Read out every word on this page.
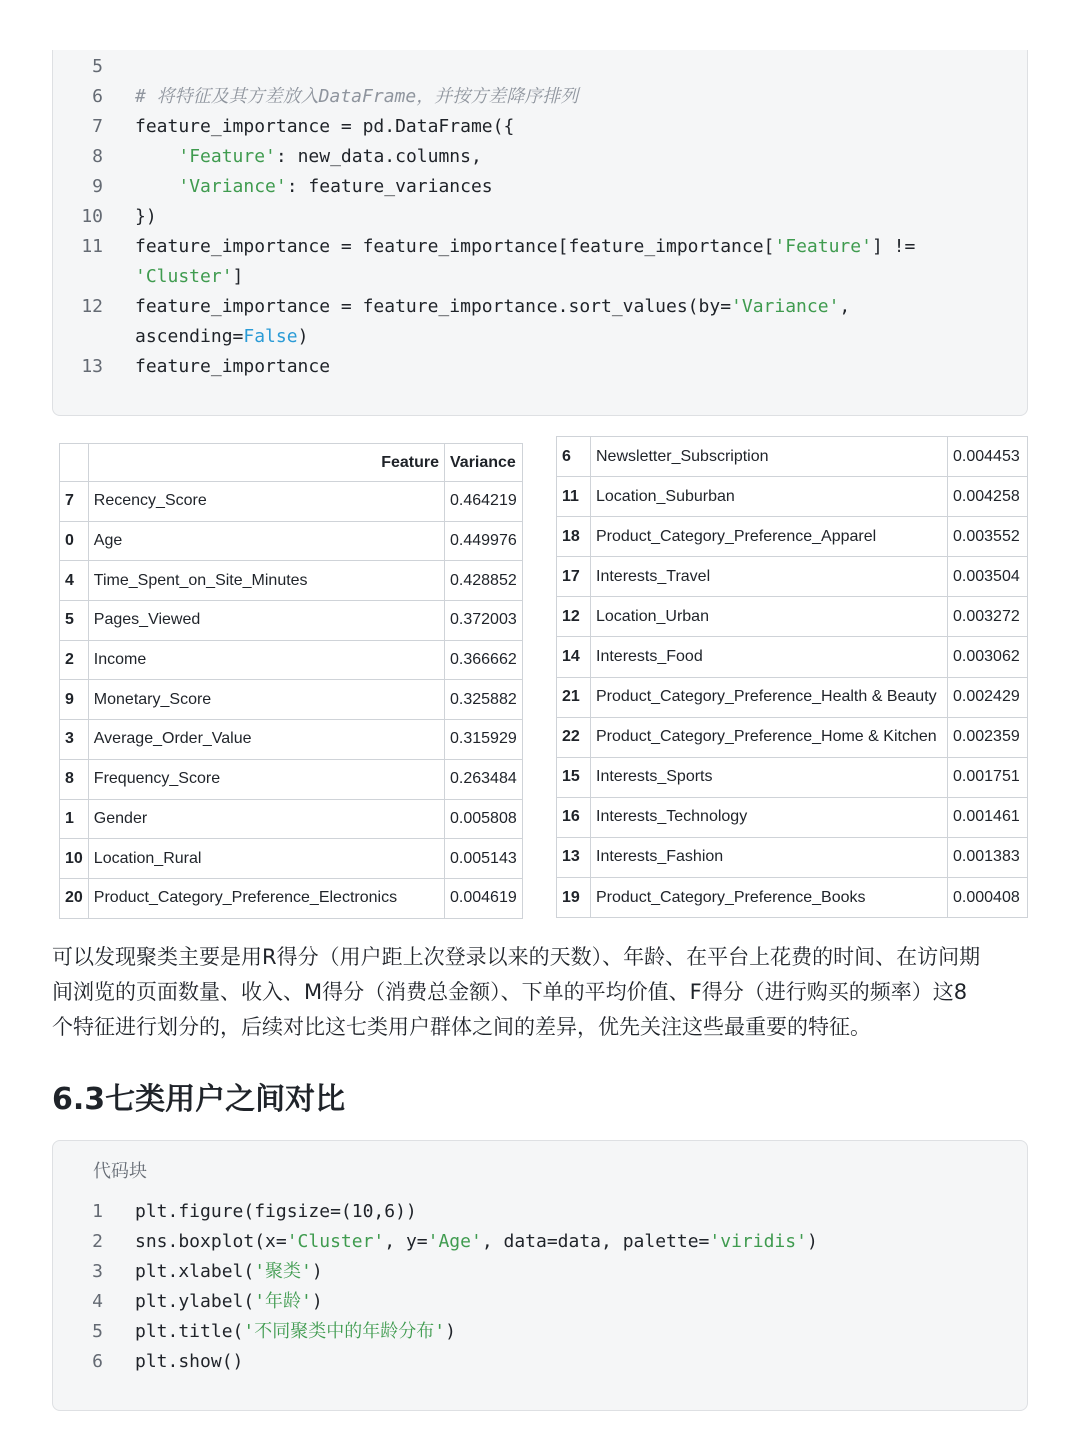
5
6 # 将特征及其方差放入DataFrame，并按方差降序排列
7 feature_importance = pd.DataFrame({
8	'Feature': new_data.columns,
9	'Variance': feature_variances
10 })
11 feature_importance = feature_importance[feature_importance['Feature'] !=
'Cluster']
12 feature_importance = feature_importance.sort_values(by='Variance',
ascending=False)
13 feature_importance
	Feature	Variance
7	Recency_Score	0.464219
0	Age	0.449976
4	Time_Spent_on_Site_Minutes	0.428852
5	Pages_Viewed	0.372003
2	Income	0.366662
9	Monetary_Score	0.325882
3	Average_Order_Value	0.315929
8	Frequency_Score	0.263484
1	Gender	0.005808
10	Location_Rural	0.005143
20	Product_Category_Preference_Electronics	0.004619
6	Newsletter_Subscription	0.004453
11	Location_Suburban	0.004258
18	Product_Category_Preference_Apparel	0.003552
17	Interests_Travel	0.003504
12	Location_Urban	0.003272
14	Interests_Food	0.003062
21	Product_Category_Preference_Health & Beauty	0.002429
22	Product_Category_Preference_Home & Kitchen	0.002359
15	Interests_Sports	0.001751
16	Interests_Technology	0.001461
13	Interests_Fashion	0.001383
19	Product_Category_Preference_Books	0.000408
可以发现聚类主要是用R得分（用户距上次登录以来的天数）、年龄、在平台上花费的时间、在访问期
间浏览的页面数量、收入、M得分（消费总金额）、下单的平均价值、F得分（进行购买的频率）这8
个特征进行划分的，后续对比这七类用户群体之间的差异，优先关注这些最重要的特征。
6.3七类用户之间对比
代码块
1 plt.figure(figsize=(10,6))
2 sns.boxplot(x='Cluster', y='Age', data=data, palette='viridis')
3 plt.xlabel('聚类')
4 plt.ylabel('年龄')
5 plt.title('不同聚类中的年龄分布')
6 plt.show()
